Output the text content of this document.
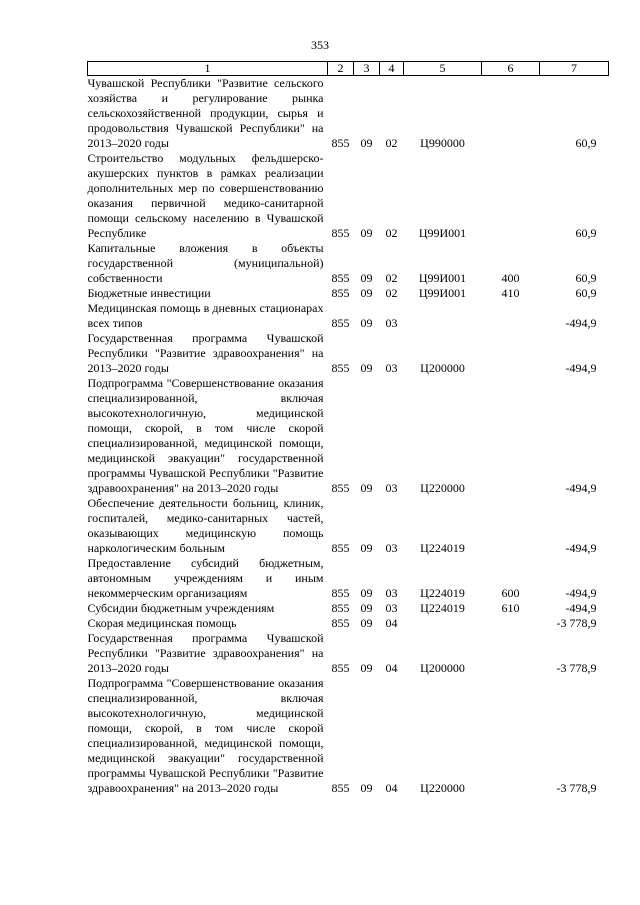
353
1	2	3	4	5	6	7
Чувашской Республики "Развитие сельского хозяйства и регулирование рынка сельскохозяйственной продукции, сырья и продовольствия Чувашской Республики" на 2013–2020 годы	855	09	02	Ц990000		60,9
Строительство модульных фельдшерско-акушерских пунктов в рамках реализации дополнительных мер по совершенствованию оказания первичной медико-санитарной помощи сельскому населению в Чувашской Республике	855	09	02	Ц99И001		60,9
Капитальные вложения в объекты государственной (муниципальной) собственности	855	09	02	Ц99И001	400	60,9
Бюджетные инвестиции	855	09	02	Ц99И001	410	60,9
Медицинская помощь в дневных стационарах всех типов	855	09	03			-494,9
Государственная программа Чувашской Республики "Развитие здравоохранения" на 2013–2020 годы	855	09	03	Ц200000		-494,9
Подпрограмма "Совершенствование оказания специализированной, включая высокотехнологичную, медицинской помощи, скорой, в том числе скорой специализированной, медицинской помощи, медицинской эвакуации" государственной программы Чувашской Республики "Развитие здравоохранения" на 2013–2020 годы	855	09	03	Ц220000		-494,9
Обеспечение деятельности больниц, клиник, госпиталей, медико-санитарных частей, оказывающих медицинскую помощь наркологическим больным	855	09	03	Ц224019		-494,9
Предоставление субсидий бюджетным, автономным учреждениям и иным некоммерческим организациям	855	09	03	Ц224019	600	-494,9
Субсидии бюджетным учреждениям	855	09	03	Ц224019	610	-494,9
Скорая медицинская помощь	855	09	04			-3 778,9
Государственная программа Чувашской Республики "Развитие здравоохранения" на 2013–2020 годы	855	09	04	Ц200000		-3 778,9
Подпрограмма "Совершенствование оказания специализированной, включая высокотехнологичную, медицинской помощи, скорой, в том числе скорой специализированной, медицинской помощи, медицинской эвакуации" государственной программы Чувашской Республики "Развитие здравоохранения" на 2013–2020 годы	855	09	04	Ц220000		-3 778,9
